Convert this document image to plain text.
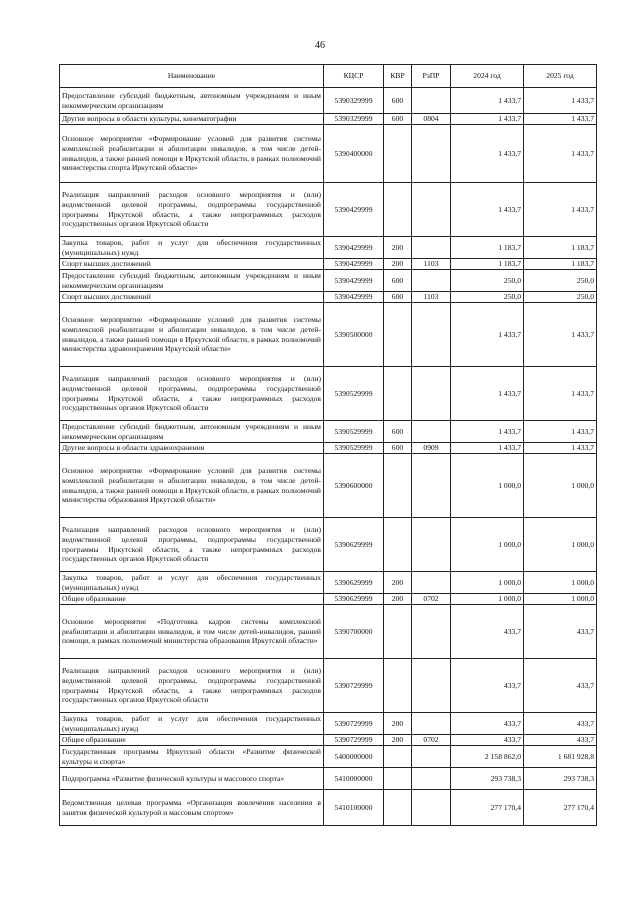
46
Наименование	КЦСР	КВР	РзПР	2024 год	2025 год
Предоставление субсидий бюджетным, автономным учреждениям и иным некоммерческим организациям	5390329999	600		1 433,7	1 433,7
Другие вопросы в области культуры, кинематографии	5390329999	600	0804	1 433,7	1 433,7
Основное мероприятие «Формирование условий для развития системы комплексной реабилитации и абилитации инвалидов, в том числе детей-инвалидов, а также ранней помощи в Иркутской области, в рамках полномочий министерства спорта Иркутской области»	5390400000			1 433,7	1 433,7
Реализация направлений расходов основного мероприятия и (или) ведомственной целевой программы, подпрограммы государственной программы Иркутской области, а также непрограммных расходов государственных органов Иркутской области	5390429999			1 433,7	1 433,7
Закупка товаров, работ и услуг для обеспечения государственных (муниципальных) нужд	5390429999	200		1 183,7	1 183,7
Спорт высших достижений	5390429999	200	1103	1 183,7	1 183,7
Предоставление субсидий бюджетным, автономным учреждениям и иным некоммерческим организациям	5390429999	600		250,0	250,0
Спорт высших достижений	5390429999	600	1103	250,0	250,0
Основное мероприятие «Формирование условий для развития системы комплексной реабилитации и абилитации инвалидов, в том числе детей-инвалидов, а также ранней помощи в Иркутской области, в рамках полномочий министерства здравоохранения Иркутской области»	5390500000			1 433,7	1 433,7
Реализация направлений расходов основного мероприятия и (или) ведомственной целевой программы, подпрограммы государственной программы Иркутской области, а также непрограммных расходов государственных органов Иркутской области	5390529999			1 433,7	1 433,7
Предоставление субсидий бюджетным, автономным учреждениям и иным некоммерческим организациям	5390529999	600		1 433,7	1 433,7
Другие вопросы в области здравоохранения	5390529999	600	0909	1 433,7	1 433,7
Основное мероприятие «Формирование условий для развития системы комплексной реабилитации и абилитации инвалидов, в том числе детей-инвалидов, а также ранней помощи в Иркутской области, в рамках полномочий министерства образования Иркутской области»	5390600000			1 000,0	1 000,0
Реализация направлений расходов основного мероприятия и (или) ведомственной целевой программы, подпрограммы государственной программы Иркутской области, а также непрограммных расходов государственных органов Иркутской области	5390629999			1 000,0	1 000,0
Закупка товаров, работ и услуг для обеспечения государственных (муниципальных) нужд	5390629999	200		1 000,0	1 000,0
Общее образование	5390629999	200	0702	1 000,0	1 000,0
Основное мероприятие «Подготовка кадров системы комплексной реабилитации и абилитации инвалидов, в том числе детей-инвалидов, ранней помощи, в рамках полномочий министерства образования Иркутской области»	5390700000			433,7	433,7
Реализация направлений расходов основного мероприятия и (или) ведомственной целевой программы, подпрограммы государственной программы Иркутской области, а также непрограммных расходов государственных органов Иркутской области	5390729999			433,7	433,7
Закупка товаров, работ и услуг для обеспечения государственных (муниципальных) нужд	5390729999	200		433,7	433,7
Общее образование	5390729999	200	0702	433,7	433,7
Государственная программа Иркутской области «Развитие физической культуры и спорта»	5400000000			2 158 862,0	1 681 928,8
Подпрограмма «Развитие физической культуры и массового спорта»	5410000000			293 738,3	293 738,3
Ведомственная целевая программа «Организация вовлечения населения в занятия физической культурой и массовым спортом»	5410100000			277 170,4	277 170,4
